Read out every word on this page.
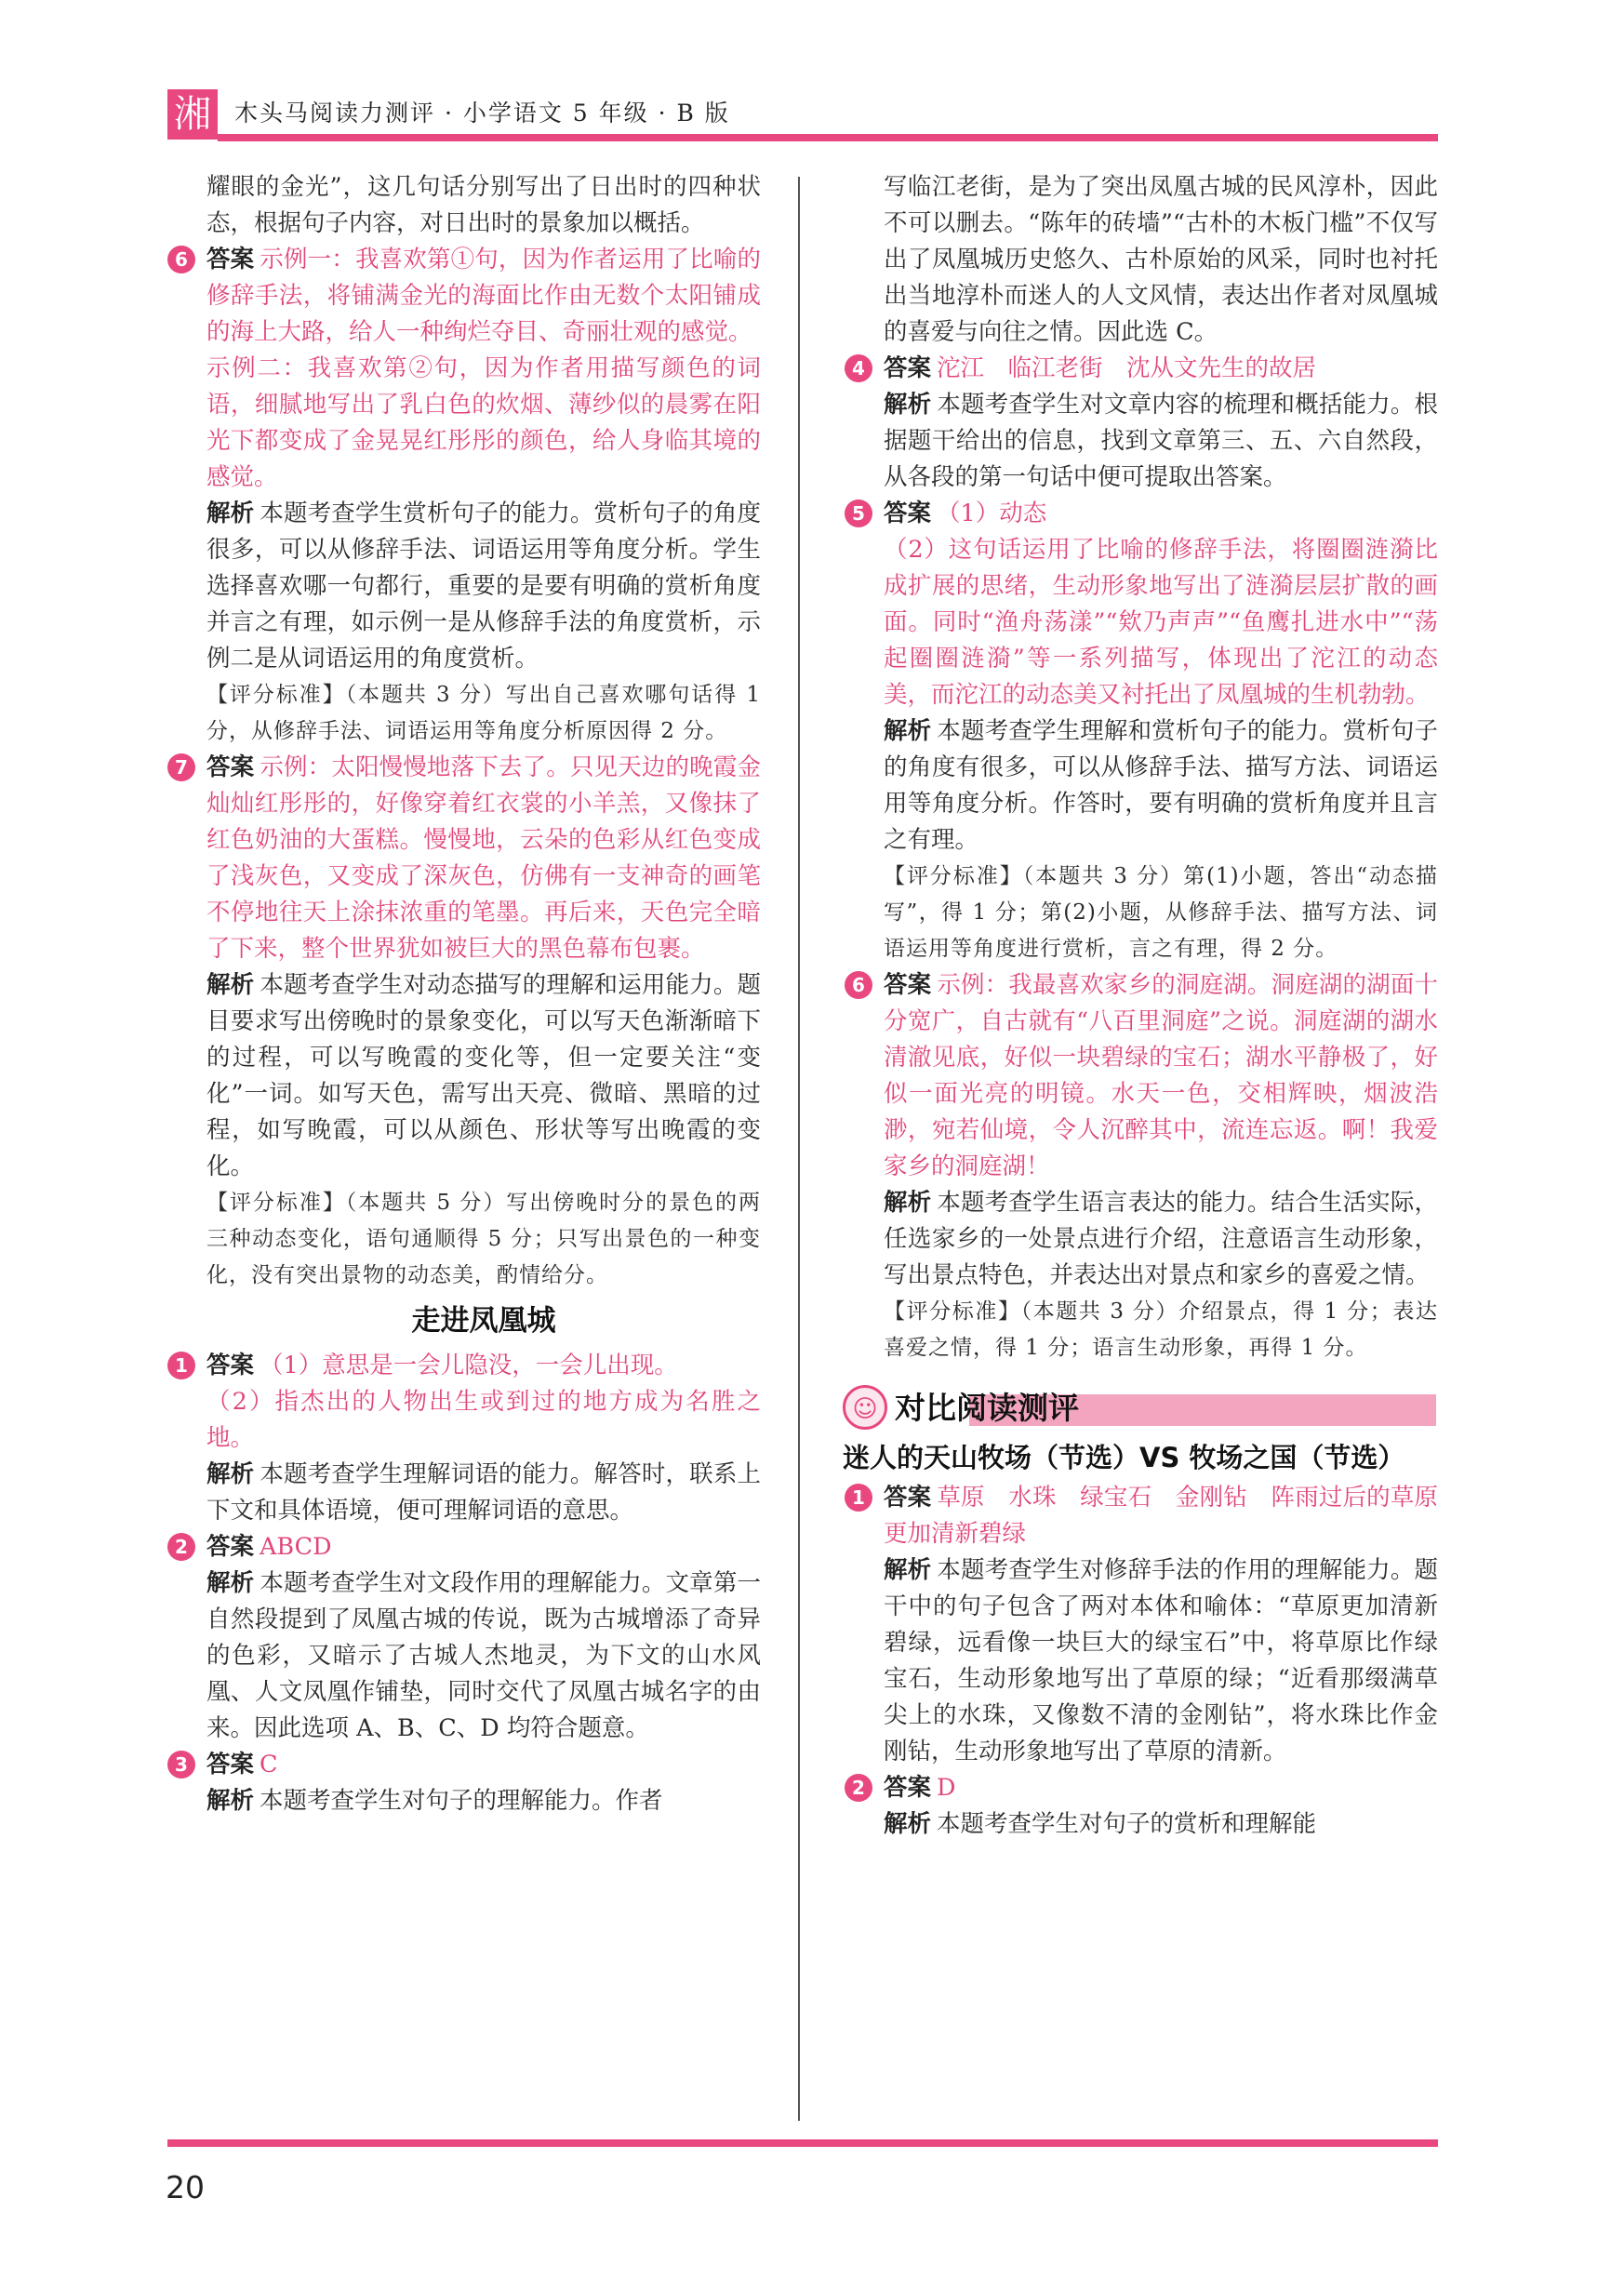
湘 木头马阅读力测评 · 小学语文 5 年级 · B 版

耀眼的金光”，这几句话分别写出了日出时的四种状态，根据句子内容，对日出时的景象加以概括。

6 答案 示例一：我喜欢第①句，因为作者运用了比喻的修辞手法，将铺满金光的海面比作由无数个太阳铺成的海上大路，给人一种绚烂夺目、奇丽壮观的感觉。

示例二：我喜欢第②句，因为作者用描写颜色的词语，细腻地写出了乳白色的炊烟、薄纱似的晨雾在阳光下都变成了金晃晃红彤彤的颜色，给人身临其境的感觉。

解析 本题考查学生赏析句子的能力。赏析句子的角度很多，可以从修辞手法、词语运用等角度分析。学生选择喜欢哪一句都行，重要的是要有明确的赏析角度并言之有理，如示例一是从修辞手法的角度赏析，示例二是从词语运用的角度赏析。

【评分标准】（本题共 3 分）写出自己喜欢哪句话得 1 分，从修辞手法、词语运用等角度分析原因得 2 分。

7 答案 示例：太阳慢慢地落下去了。只见天边的晚霞金灿灿红彤彤的，好像穿着红衣裳的小羊羔，又像抹了红色奶油的大蛋糕。慢慢地，云朵的色彩从红色变成了浅灰色，又变成了深灰色，仿佛有一支神奇的画笔不停地往天上涂抹浓重的笔墨。再后来，天色完全暗了下来，整个世界犹如被巨大的黑色幕布包裹。

解析 本题考查学生对动态描写的理解和运用能力。题目要求写出傍晚时的景象变化，可以写天色渐渐暗下的过程，可以写晚霞的变化等，但一定要关注“变化”一词。如写天色，需写出天亮、微暗、黑暗的过程，如写晚霞，可以从颜色、形状等写出晚霞的变化。

【评分标准】（本题共 5 分）写出傍晚时分的景色的两三种动态变化，语句通顺得 5 分；只写出景色的一种变化，没有突出景物的动态美，酌情给分。

走进凤凰城
1 答案 （1）意思是一会儿隐没，一会儿出现。

（2）指杰出的人物出生或到过的地方成为名胜之地。

解析 本题考查学生理解词语的能力。解答时，联系上下文和具体语境，便可理解词语的意思。

2 答案 ABCD

解析 本题考查学生对文段作用的理解能力。文章第一自然段提到了凤凰古城的传说，既为古城增添了奇异的色彩，又暗示了古城人杰地灵，为下文的山水风凰、人文凤凰作铺垫，同时交代了凤凰古城名字的由来。因此选项 A、B、C、D 均符合题意。

3 答案 C

解析 本题考查学生对句子的理解能力。作者

写临江老街，是为了突出凤凰古城的民风淳朴，因此不可以删去。“陈年的砖墙”“古朴的木板门槛”不仅写出了凤凰城历史悠久、古朴原始的风采，同时也衬托出当地淳朴而迷人的人文风情，表达出作者对凤凰城的喜爱与向往之情。因此选 C。

4 答案 沱江　临江老街　沈从文先生的故居

解析 本题考查学生对文章内容的梳理和概括能力。根据题干给出的信息，找到文章第三、五、六自然段，从各段的第一句话中便可提取出答案。

5 答案 （1）动态

（2）这句话运用了比喻的修辞手法，将圈圈涟漪比成扩展的思绪，生动形象地写出了涟漪层层扩散的画面。同时“渔舟荡漾”“欸乃声声”“鱼鹰扎进水中”“荡起圈圈涟漪”等一系列描写，体现出了沱江的动态美，而沱江的动态美又衬托出了凤凰城的生机勃勃。

解析 本题考查学生理解和赏析句子的能力。赏析句子的角度有很多，可以从修辞手法、描写方法、词语运用等角度分析。作答时，要有明确的赏析角度并且言之有理。

【评分标准】（本题共 3 分）第(1)小题，答出“动态描写”，得 1 分；第(2)小题，从修辞手法、描写方法、词语运用等角度进行赏析，言之有理，得 2 分。

6 答案 示例：我最喜欢家乡的洞庭湖。洞庭湖的湖面十分宽广，自古就有“八百里洞庭”之说。洞庭湖的湖水清澈见底，好似一块碧绿的宝石；湖水平静极了，好似一面光亮的明镜。水天一色，交相辉映，烟波浩渺，宛若仙境，令人沉醉其中，流连忘返。啊！我爱家乡的洞庭湖！

解析 本题考查学生语言表达的能力。结合生活实际，任选家乡的一处景点进行介绍，注意语言生动形象，写出景点特色，并表达出对景点和家乡的喜爱之情。

【评分标准】（本题共 3 分）介绍景点，得 1 分；表达喜爱之情，得 1 分；语言生动形象，再得 1 分。

☺ 对比阅读测评
迷人的天山牧场（节选）VS 牧场之国（节选）
1 答案 草原　水珠　绿宝石　金刚钻　阵雨过后的草原更加清新碧绿

解析 本题考查学生对修辞手法的作用的理解能力。题干中的句子包含了两对本体和喻体：“草原更加清新碧绿，远看像一块巨大的绿宝石”中，将草原比作绿宝石，生动形象地写出了草原的绿；“近看那缀满草尖上的水珠，又像数不清的金刚钻”，将水珠比作金刚钻，生动形象地写出了草原的清新。

2 答案 D

解析 本题考查学生对句子的赏析和理解能

20
